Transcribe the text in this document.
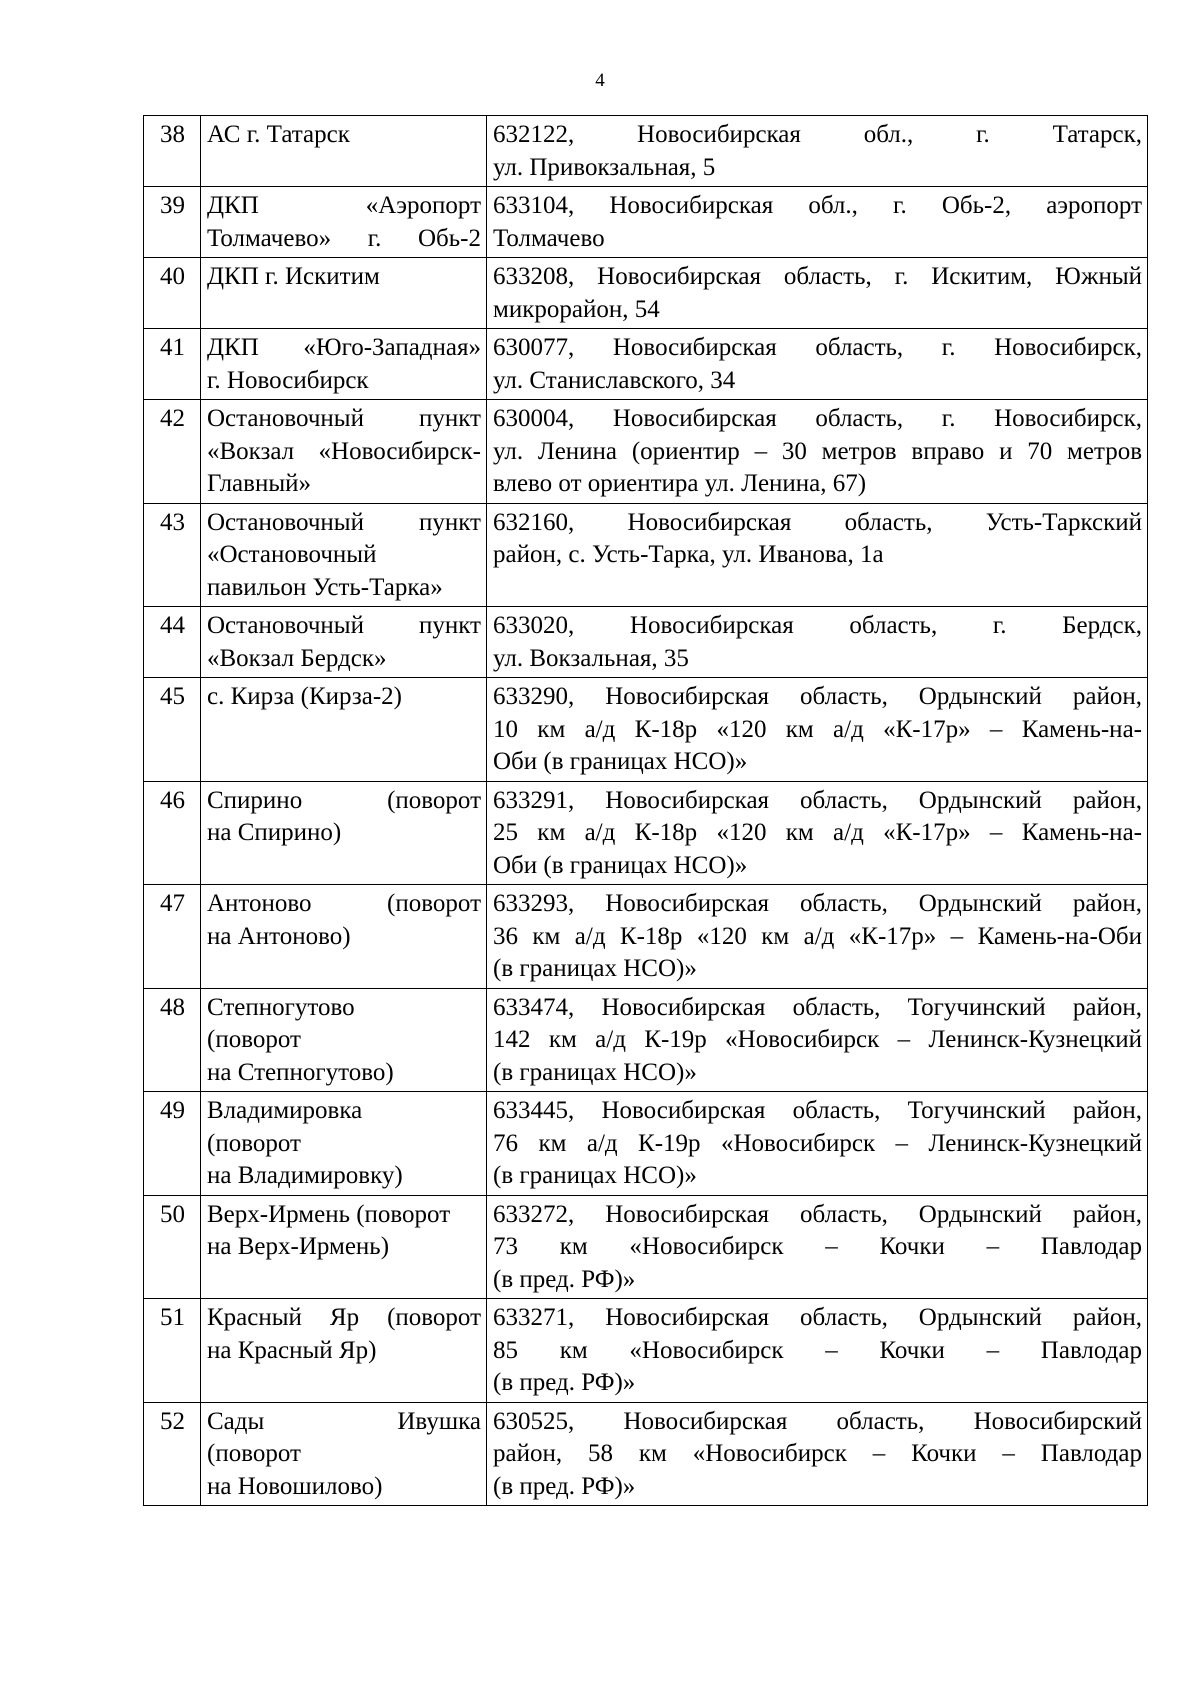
4
38	АС г. Татарск	632122, Новосибирская обл., г. Татарск,
ул. Привокзальная, 5

39	ДКП «Аэропорт
Толмачево» г. Обь-2	633104, Новосибирская обл., г. Обь-2, аэропорт
Толмачево

40	ДКП г. Искитим	633208, Новосибирская область, г. Искитим, Южный
микрорайон, 54

41	ДКП «Юго-Западная»
г. Новосибирск	630077, Новосибирская область, г. Новосибирск,
ул. Станиславского, 34

42	Остановочный пункт
«Вокзал «Новосибирск-
Главный»	630004, Новосибирская область, г. Новосибирск,
ул. Ленина (ориентир – 30 метров вправо и 70 метров
влево от ориентира ул. Ленина, 67)

43	Остановочный пункт
«Остановочный
павильон Усть-Тарка»	632160, Новосибирская область, Усть-Таркский
район, с. Усть-Тарка, ул. Иванова, 1а

44	Остановочный пункт
«Вокзал Бердск»	633020, Новосибирская область, г. Бердск,
ул. Вокзальная, 35

45	с. Кирза (Кирза-2)	633290, Новосибирская область, Ордынский район,
10 км а/д К-18р «120 км а/д «К-17р» – Камень-на-
Оби (в границах НСО)»

46	Спирино (поворот
на Спирино)	633291, Новосибирская область, Ордынский район,
25 км а/д К-18р «120 км а/д «К-17р» – Камень-на-
Оби (в границах НСО)»

47	Антоново (поворот
на Антоново)	633293, Новосибирская область, Ордынский район,
36 км а/д К-18р «120 км а/д «К-17р» – Камень-на-Оби
(в границах НСО)»

48	Степногутово
(поворот
на Степногутово)	633474, Новосибирская область, Тогучинский район,
142 км а/д К-19р «Новосибирск – Ленинск-Кузнецкий
(в границах НСО)»

49	Владимировка
(поворот
на Владимировку)	633445, Новосибирская область, Тогучинский район,
76 км а/д К-19р «Новосибирск – Ленинск-Кузнецкий
(в границах НСО)»

50	Верх-Ирмень (поворот
на Верх-Ирмень)	633272, Новосибирская область, Ордынский район,
73 км «Новосибирск – Кочки – Павлодар
(в пред. РФ)»

51	Красный Яр (поворот
на Красный Яр)	633271, Новосибирская область, Ордынский район,
85 км «Новосибирск – Кочки – Павлодар
(в пред. РФ)»

52	Сады Ивушка
(поворот
на Новошилово)	630525, Новосибирская область, Новосибирский
район, 58 км «Новосибирск – Кочки – Павлодар
(в пред. РФ)»
